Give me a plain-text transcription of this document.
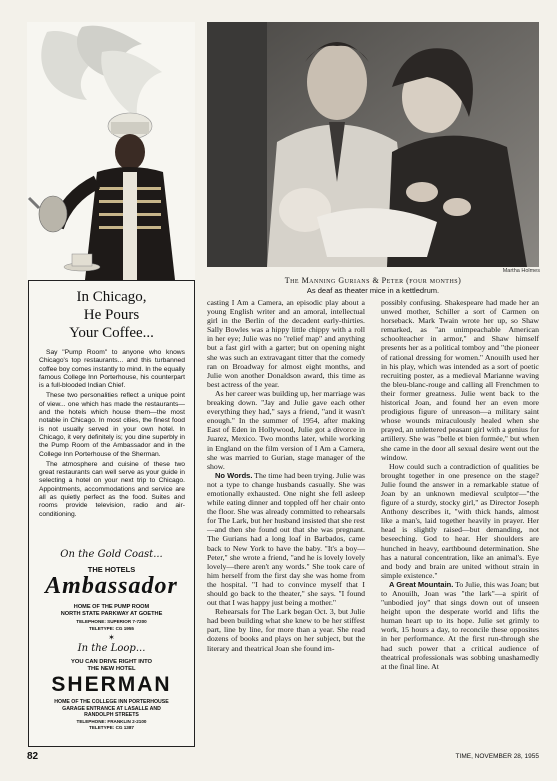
In Chicago,
He Pours
Your Coffee...

Say "Pump Room" to anyone who knows Chicago's top restaurants... and this turbanned coffee boy comes instantly to mind. In the equally famous College Inn Porterhouse, his counterpart is a full-blooded Indian Chief.

These two personalities reflect a unique point of view... one which has made the restaurants—and the hotels which house them—the most notable in Chicago. In most cities, the finest food is not usually served in your own hotel. In Chicago, it very definitely is; you dine superbly in the Pump Room of the Ambassador and in the College Inn Porterhouse of the Sherman.

The atmosphere and cuisine of these two great restaurants can well serve as your guide in selecting a hotel on your next trip to Chicago. Appointments, accommodations and service are all as quietly perfect as the food. Suites and rooms provide television, radio and air-conditioning.

On the Gold Coast...
THE HOTELS
Ambassador
HOME OF THE PUMP ROOM
NORTH STATE PARKWAY AT GOETHE
TELEPHONE: SUPERIOR 7-7200
TELETYPE: CG 1955
✶
In the Loop...
YOU CAN DRIVE RIGHT INTO
THE NEW HOTEL
SHERMAN
HOME OF THE COLLEGE INN PORTERHOUSE
GARAGE ENTRANCE AT LASALLE AND
RANDOLPH STREETS
TELEPHONE: FRANKLIN 2-2100
TELETYPE: CG 1387
Martha Holmes
The Manning Gurians & Peter (four months)
As deaf as theater mice in a kettledrum.

casting I Am a Camera, an episodic play about a young English writer and an amoral, intellectual girl in the Berlin of the decadent early-thirties. Sally Bowles was a hippy little chippy with a roll in her eye; Julie was no "relief map" and anything but a fast girl with a garter; but on opening night she was such an extravagant titter that the comedy ran on Broadway for almost eight months, and Julie won another Donaldson award, this time as best actress of the year.

As her career was building up, her marriage was breaking down. "Jay and Julie gave each other everything they had," says a friend, "and it wasn't enough." In the summer of 1954, after making East of Eden in Hollywood, Julie got a divorce in Juarez, Mexico. Two months later, while working in England on the film version of I Am a Camera, she was married to Gurian, stage manager of the show.

No Words. The time had been trying. Julie was not a type to change husbands casually. She was emotionally exhausted. One night she fell asleep while eating dinner and toppled off her chair onto the floor. She was already committed to rehearsals for The Lark, but her husband insisted that she rest—and then she found out that she was pregnant. The Gurians had a long loaf in Barbados, came back to New York to have the baby. "It's a boy—Peter," she wrote a friend, "and he is lovely lovely lovely—there aren't any words." She took care of him herself from the first day she was home from the hospital. "I had to convince myself that I should go back to the theater," she says. "I found out that I was happy just being a mother."

Rehearsals for The Lark began Oct. 3, but Julie had been building what she knew to be her stiffest part, line by line, for more than a year. She read dozens of books and plays on her subject, but the literary and theatrical Joan she found im-

possibly confusing. Shakespeare had made her an unwed mother, Schiller a sort of Carmen on horseback. Mark Twain wrote her up, so Shaw remarked, as "an unimpeachable American schoolteacher in armor," and Shaw himself presents her as a political tomboy and "the pioneer of rational dressing for women." Anouilh used her in his play, which was intended as a sort of poetic recruiting poster, as a medieval Marianne waving the bleu-blanc-rouge and calling all Frenchmen to their former greatness. Julie went back to the historical Joan, and found her an even more prodigious figure of unreason—a military saint whose wounds miraculously healed when she prayed, an unlettered peasant girl with a genius for artillery. She was "belle et bien formée," but when she came in the door all sexual desire went out the window.

How could such a contradiction of qualities be brought together in one presence on the stage? Julie found the answer in a remarkable statue of Joan by an unknown medieval sculptor—"the figure of a sturdy, stocky girl," as Director Joseph Anthony describes it, "with thick hands, almost like a man's, laid together heavily in prayer. Her head is slightly raised—but demanding, not beseeching. God to hear. Her shoulders are hunched in heavy, earthbound determination. She has a natural concentration, like an animal's. Eye and body and brain are united without strain in simple existence."

A Great Mountain. To Julie, this was Joan; but to Anouilh, Joan was "the lark"—a spirit of "unbodied joy" that sings down out of unseen height upon the desperate world and lifts the human heart up to its hope. Julie set grimly to work, 15 hours a day, to reconcile these opposites in her performance. At the first run-through she had such power that a critical audience of theatrical professionals was sobbing unashamedly at the final line. At

82	TIME, NOVEMBER 28, 1955
